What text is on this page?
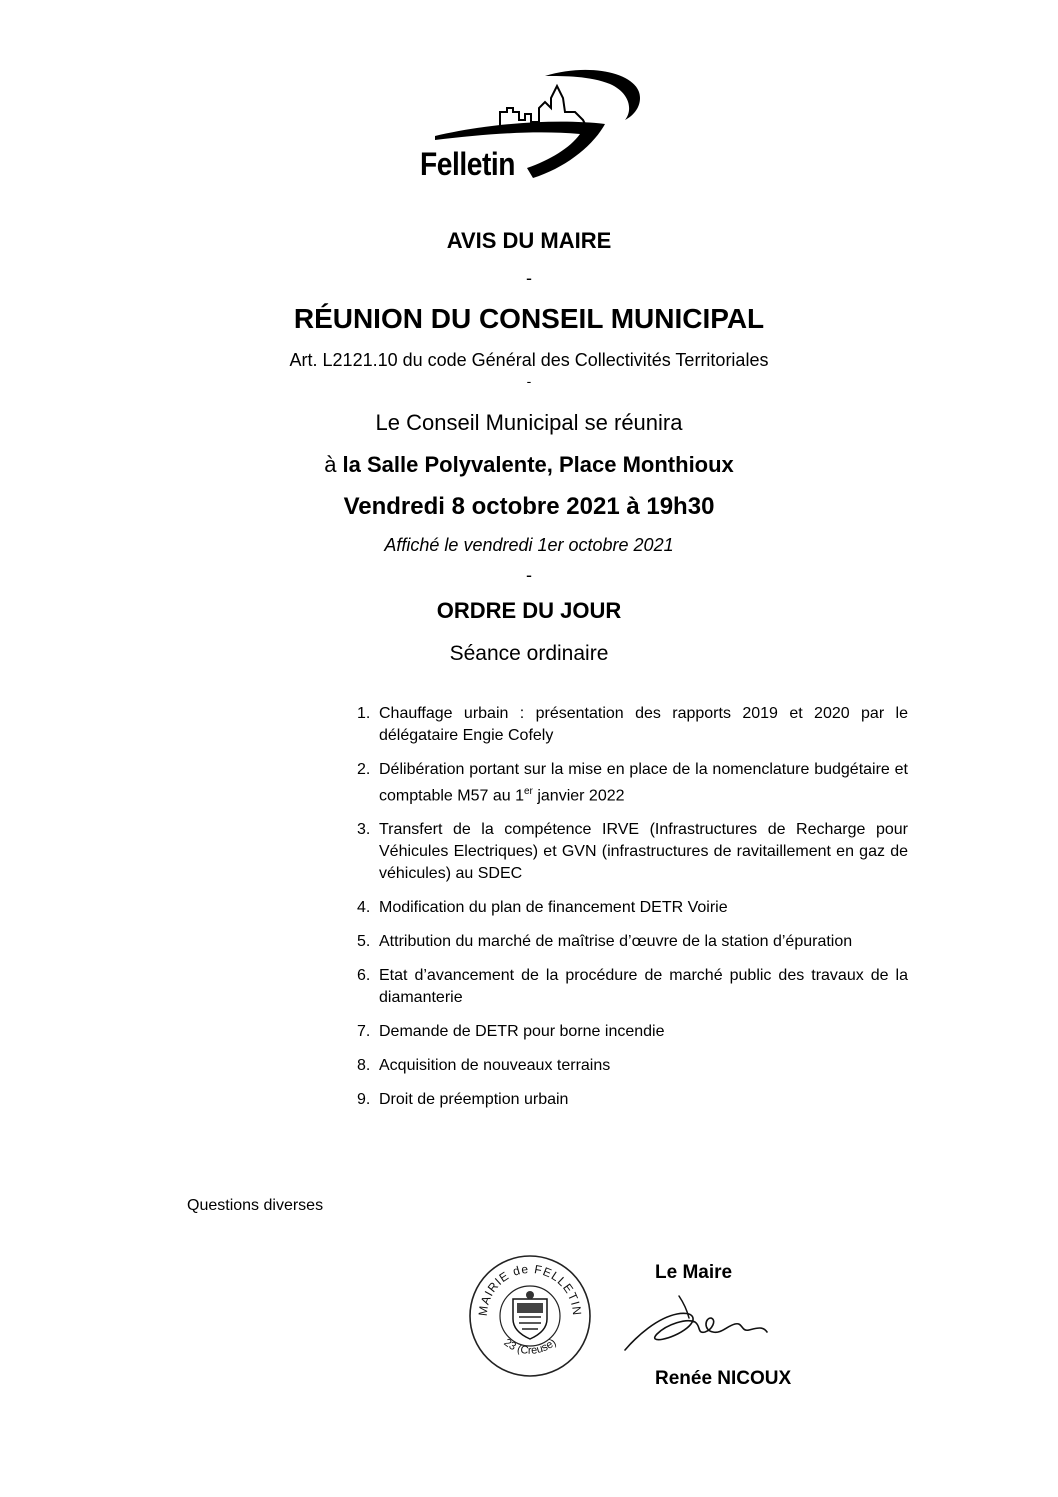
Felletin
AVIS DU MAIRE
-
RÉUNION DU CONSEIL MUNICIPAL
Art. L2121.10 du code Général des Collectivités Territoriales
-
Le Conseil Municipal se réunira
à la Salle Polyvalente, Place Monthioux
Vendredi 8 octobre 2021 à 19h30
Affiché le vendredi 1er octobre 2021
-
ORDRE DU JOUR
Séance ordinaire
1. Chauffage urbain : présentation des rapports 2019 et 2020 par le délégataire Engie Cofely
2. Délibération portant sur la mise en place de la nomenclature budgétaire et comptable M57 au 1er janvier 2022
3. Transfert de la compétence IRVE (Infrastructures de Recharge pour Véhicules Electriques) et GVN (infrastructures de ravitaillement en gaz de véhicules) au SDEC
4. Modification du plan de financement DETR Voirie
5. Attribution du marché de maîtrise d’œuvre de la station d’épuration
6. Etat d’avancement de la procédure de marché public des travaux de la diamanterie
7. Demande de DETR pour borne incendie
8. Acquisition de nouveaux terrains
9. Droit de préemption urbain
Questions diverses
MAIRIE de FELLETIN
23 (Creuse)
Le Maire
Renée NICOUX
